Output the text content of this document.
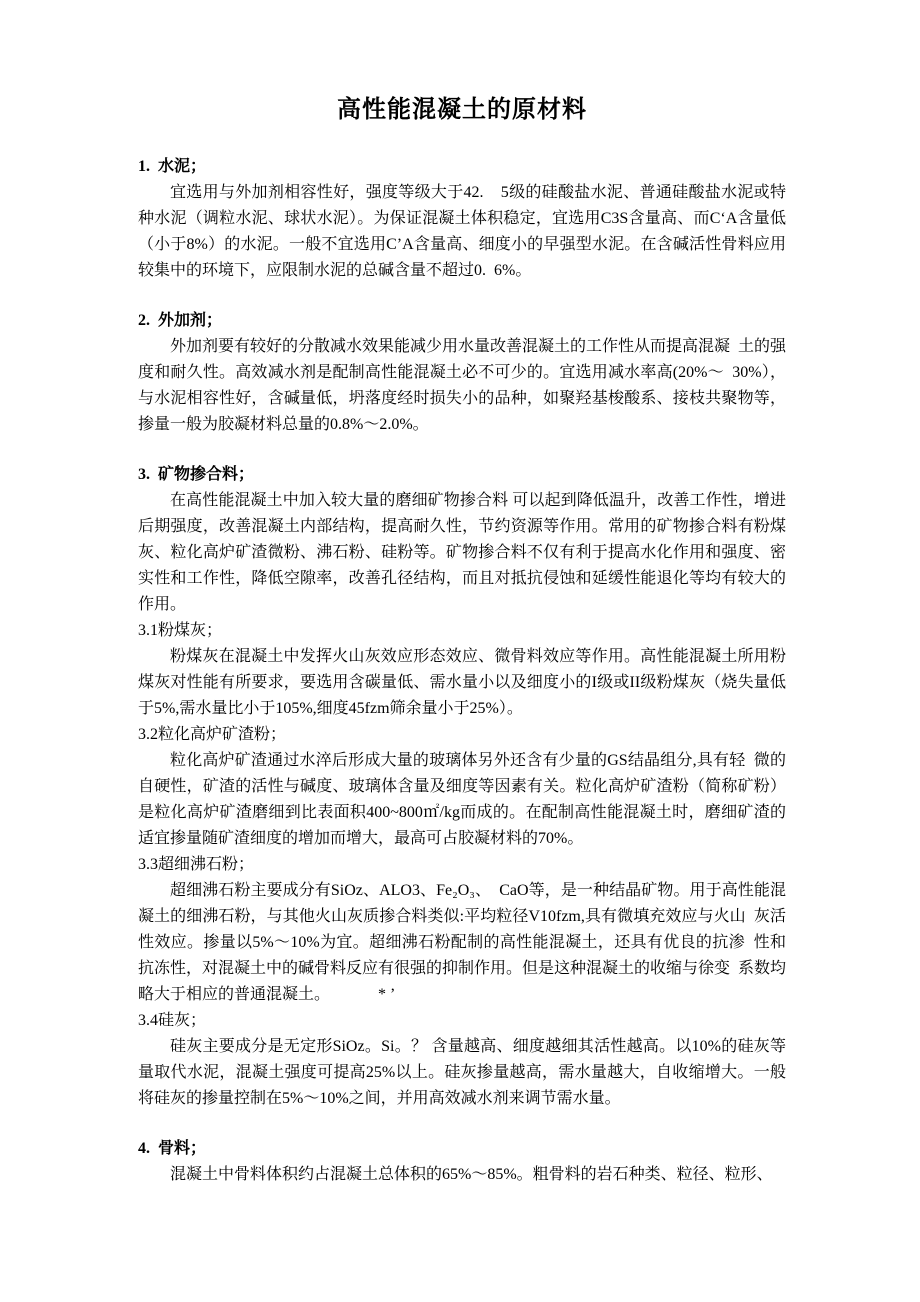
高性能混凝土的原材料
1.  水泥；

宜选用与外加剂相容性好，强度等级大于42.    5级的硅酸盐水泥、普通硅酸盐水泥或特种水泥（调粒水泥、球状水泥）。为保证混凝土体积稳定，宜选用C3S含量高、而C‘A含量低（小于8%）的水泥。一般不宜选用C’A含量高、细度小的早强型水泥。在含碱活性骨料应用较集中的环境下，应限制水泥的总碱含量不超过0.  6%。

2.  外加剂；

外加剂要有较好的分散减水效果能减少用水量改善混凝土的工作性从而提高混凝  土的强度和耐久性。高效减水剂是配制高性能混凝土必不可少的。宜选用减水率高(20%～  30%）， 与水泥相容性好，含碱量低，坍落度经时损失小的品种，如聚羟基梭酸系、接枝共聚物等，掺量一般为胶凝材料总量的0.8%～2.0%。

3.  矿物掺合料；

在高性能混凝土中加入较大量的磨细矿物掺合料 可以起到降低温升，改善工作性，增进后期强度，改善混凝土内部结构，提高耐久性，节约资源等作用。常用的矿物掺合料有粉煤灰、粒化高炉矿渣微粉、沸石粉、硅粉等。矿物掺合料不仅有利于提高水化作用和强度、密实性和工作性，降低空隙率，改善孔径结构，而且对抵抗侵蚀和延缓性能退化等均有较大的作用。

3.1粉煤灰；

粉煤灰在混凝土中发挥火山灰效应形态效应、微骨料效应等作用。高性能混凝土所用粉煤灰对性能有所要求，要选用含碳量低、需水量小以及细度小的I级或II级粉煤灰（烧失量低于5%,需水量比小于105%,细度45fzm筛余量小于25%）。

3.2粒化高炉矿渣粉；

粒化高炉矿渣通过水淬后形成大量的玻璃体另外还含有少量的GS结晶组分,具有轻  微的自硬性，矿渣的活性与碱度、玻璃体含量及细度等因素有关。粒化高炉矿渣粉（简称矿粉）是粒化高炉矿渣磨细到比表面积400~800㎡/kg而成的。在配制高性能混凝土时，磨细矿渣的适宜掺量随矿渣细度的增加而增大，最高可占胶凝材料的70%。

3.3超细沸石粉；

超细沸石粉主要成分有SiOz、ALO3、Fe₂O₃、  CaO等，是一种结晶矿物。用于高性能混凝土的细沸石粉，与其他火山灰质掺合料类似:平均粒径V10fzm,具有微填充效应与火山  灰活性效应。掺量以5%～10%为宜。超细沸石粉配制的高性能混凝土，还具有优良的抗渗  性和抗冻性，对混凝土中的碱骨料反应有很强的抑制作用。但是这种混凝土的收缩与徐变  系数均略大于相应的普通混凝土。            * ’

3.4硅灰；

硅灰主要成分是无定形SiOz。Si。？ 含量越高、细度越细其活性越高。以10%的硅灰等量取代水泥，混凝土强度可提高25%以上。硅灰掺量越高，需水量越大，自收缩增大。一般将硅灰的掺量控制在5%～10%之间，并用高效减水剂来调节需水量。

4.  骨料；

混凝土中骨料体积约占混凝土总体积的65%～85%。粗骨料的岩石种类、粒径、粒形、
